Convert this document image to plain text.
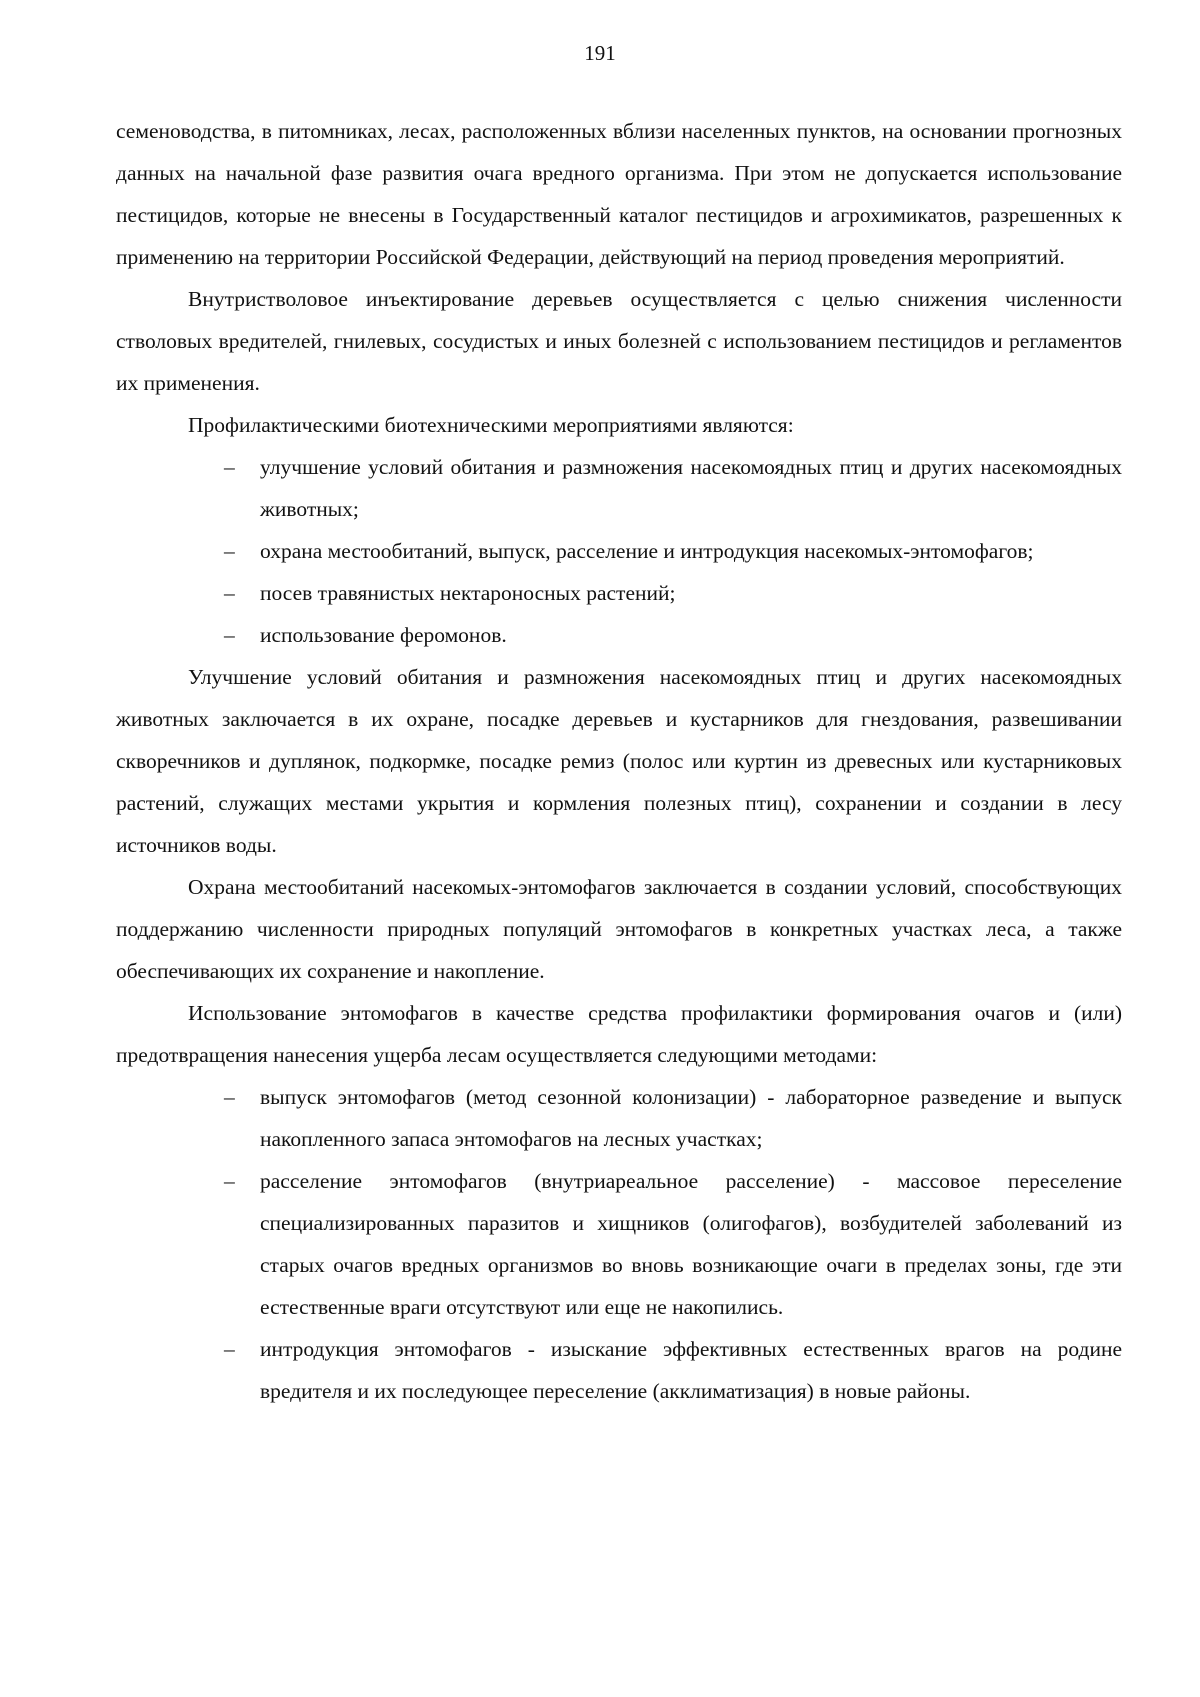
191

семеноводства, в питомниках, лесах, расположенных вблизи населенных пунктов, на основании прогнозных данных на начальной фазе развития очага вредного организма. При этом не допускается использование пестицидов, которые не внесены в Государственный каталог пестицидов и агрохимикатов, разрешенных к применению на территории Российской Федерации, действующий на период проведения мероприятий.

Внутристволовое инъектирование деревьев осуществляется с целью снижения численности стволовых вредителей, гнилевых, сосудистых и иных болезней с использованием пестицидов и регламентов их применения.

Профилактическими биотехническими мероприятиями являются:

– улучшение условий обитания и размножения насекомоядных птиц и других насекомоядных животных;
– охрана местообитаний, выпуск, расселение и интродукция насекомых-энтомофагов;
– посев травянистых нектароносных растений;
– использование феромонов.

Улучшение условий обитания и размножения насекомоядных птиц и других насекомоядных животных заключается в их охране, посадке деревьев и кустарников для гнездования, развешивании скворечников и дуплянок, подкормке, посадке ремиз (полос или куртин из древесных или кустарниковых растений, служащих местами укрытия и кормления полезных птиц), сохранении и создании в лесу источников воды.

Охрана местообитаний насекомых-энтомофагов заключается в создании условий, способствующих поддержанию численности природных популяций энтомофагов в конкретных участках леса, а также обеспечивающих их сохранение и накопление.

Использование энтомофагов в качестве средства профилактики формирования очагов и (или) предотвращения нанесения ущерба лесам осуществляется следующими методами:

– выпуск энтомофагов (метод сезонной колонизации) - лабораторное разведение и выпуск накопленного запаса энтомофагов на лесных участках;
– расселение энтомофагов (внутриареальное расселение) - массовое переселение специализированных паразитов и хищников (олигофагов), возбудителей заболеваний из старых очагов вредных организмов во вновь возникающие очаги в пределах зоны, где эти естественные враги отсутствуют или еще не накопились.
– интродукция энтомофагов - изыскание эффективных естественных врагов на родине вредителя и их последующее переселение (акклиматизация) в новые районы.
